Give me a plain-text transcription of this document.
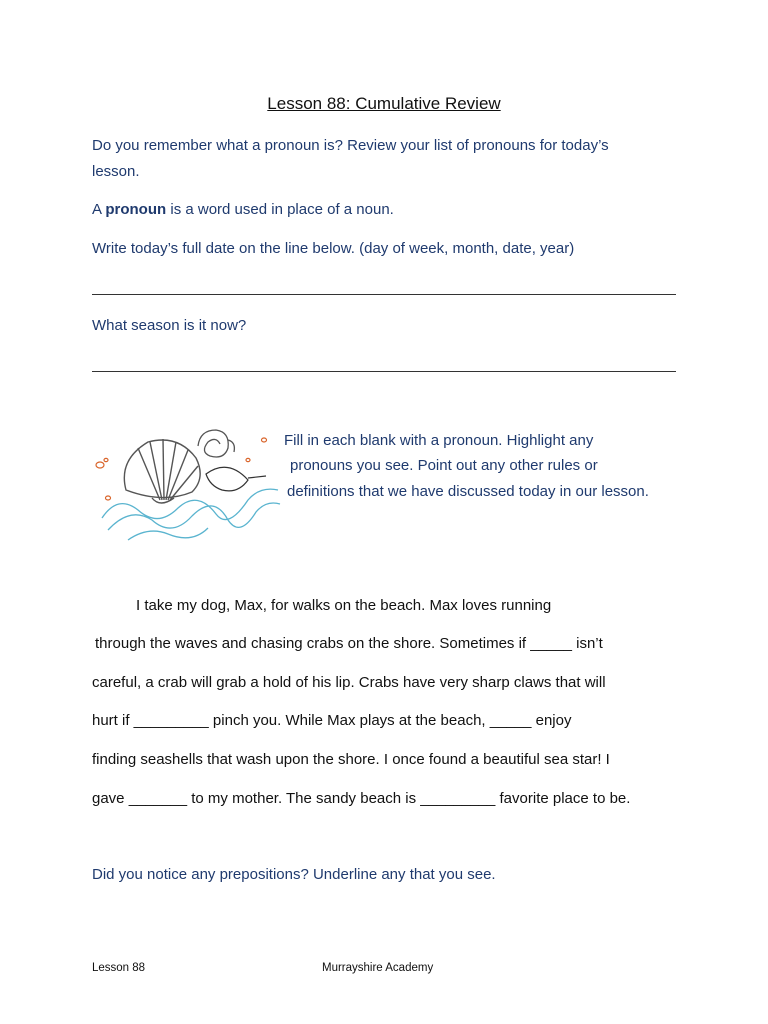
Lesson 88: Cumulative Review
Do you remember what a pronoun is? Review your list of pronouns for today’s
lesson.
A pronoun is a word used in place of a noun.
Write today’s full date on the line below. (day of week, month, date, year)
What season is it now?
Fill in each blank with a pronoun. Highlight any
pronouns you see. Point out any other rules or
definitions that we have discussed today in our lesson.
I take my dog, Max, for walks on the beach. Max loves running
through the waves and chasing crabs on the shore. Sometimes if _____ isn’t
careful, a crab will grab a hold of his lip. Crabs have very sharp claws that will
hurt if _________ pinch you. While Max plays at the beach, _____ enjoy
finding seashells that wash upon the shore. I once found a beautiful sea star! I
gave _______ to my mother. The sandy beach is _________ favorite place to be.
Did you notice any prepositions? Underline any that you see.
Lesson 88	Murrayshire Academy
